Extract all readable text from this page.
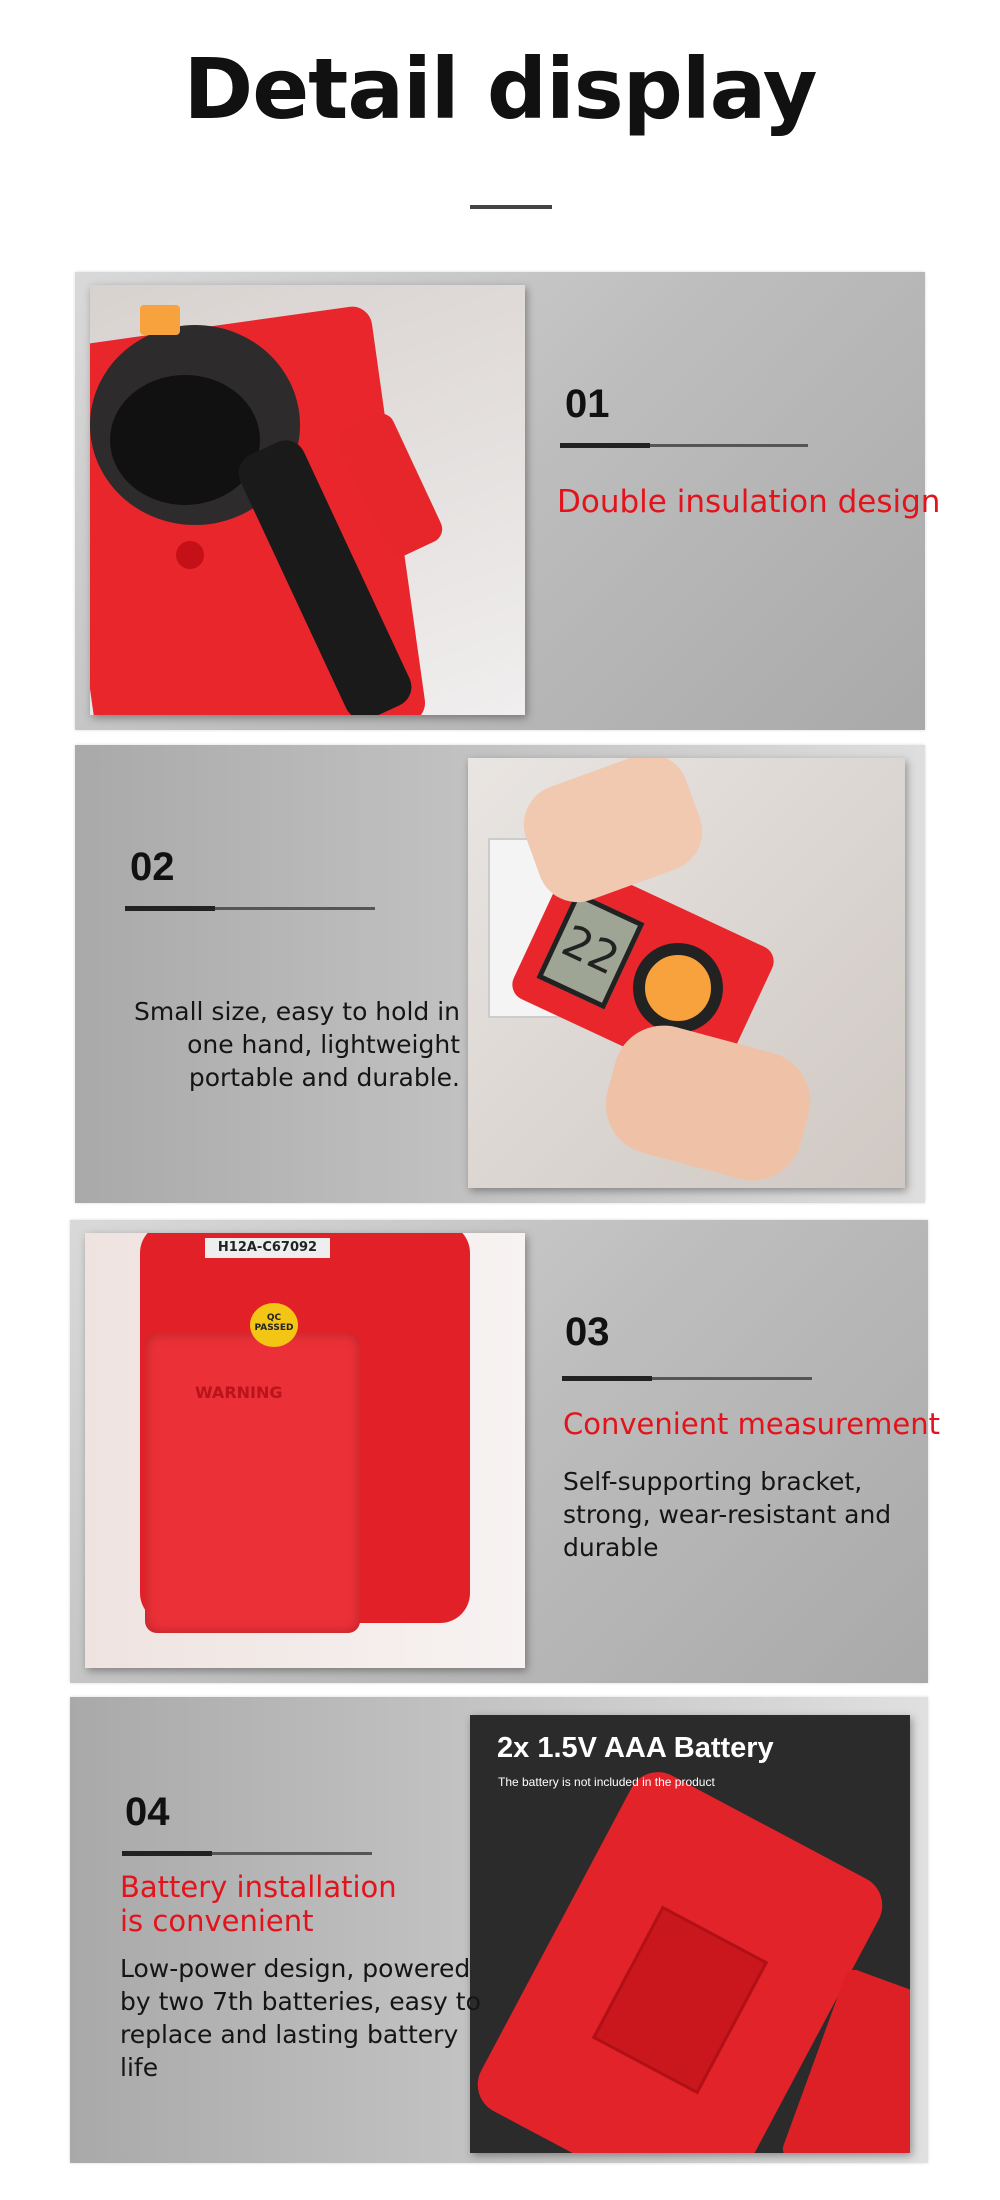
Detail display
01
Double insulation design
22
02
Small size, easy to hold in one hand, lightweight portable and durable.
H12A-C67092
QC PASSED
WARNING
03
Convenient measurement
Self-supporting bracket, strong, wear-resistant and durable
2x 1.5V AAA Battery
The battery is not included in the product
04
Battery installation
is convenient
Low-power design, powered
by two 7th batteries, easy to
replace and lasting battery
life
